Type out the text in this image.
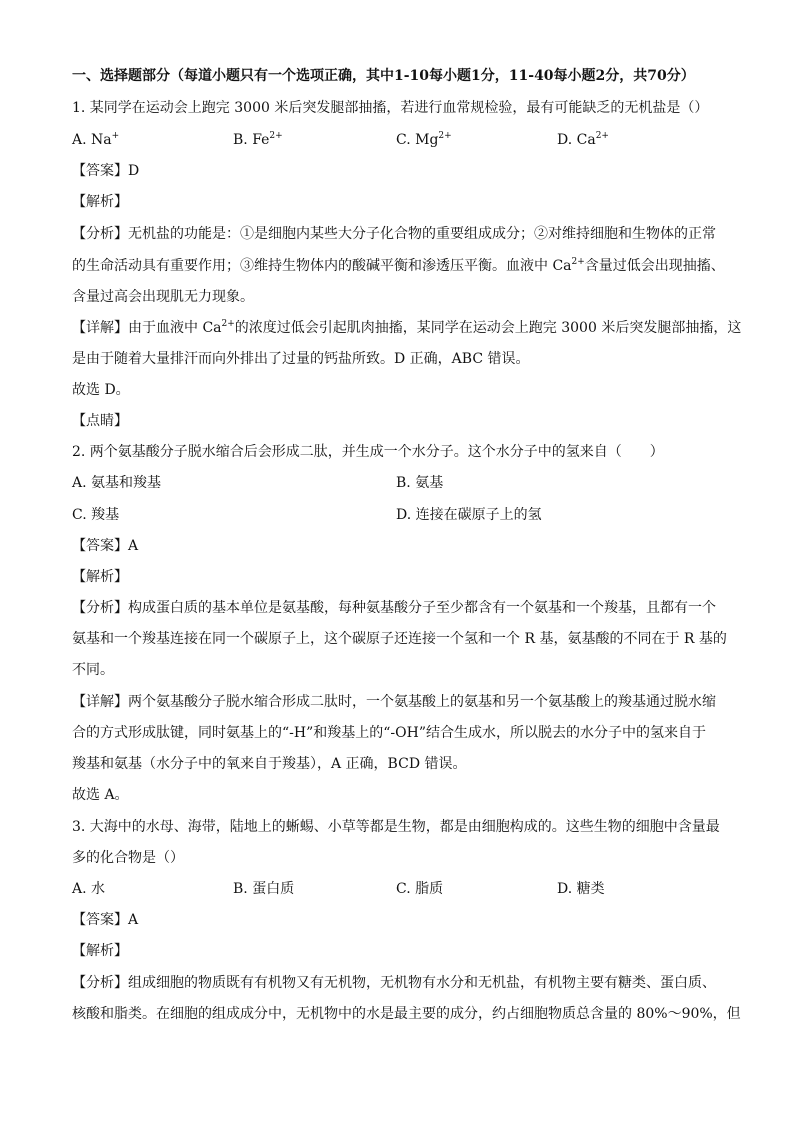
一、选择题部分（每道小题只有一个选项正确，其中1-10每小题1分，11-40每小题2分，共70分）
1. 某同学在运动会上跑完 3000 米后突发腿部抽搐，若进行血常规检验，最有可能缺乏的无机盐是（）
A. Na+	B. $Fe^{2+}$	C. $Mg^{2+}$	D. $Ca^{2+}$
【答案】D
【解析】
【分析】无机盐的功能是：①是细胞内某些大分子化合物的重要组成成分；②对维持细胞和生物体的正常
的生命活动具有重要作用；③维持生物体内的酸碱平衡和渗透压平衡。血液中 $Ca^{2+}$含量过低会出现抽搐、
含量过高会出现肌无力现象。
【详解】由于血液中 $Ca^{2+}$的浓度过低会引起肌肉抽搐，某同学在运动会上跑完 3000 米后突发腿部抽搐，这
是由于随着大量排汗而向外排出了过量的钙盐所致。D 正确，ABC 错误。
故选 D。
【点睛】
2. 两个氨基酸分子脱水缩合后会形成二肽，并生成一个水分子。这个水分子中的氢来自（　　）
A. 氨基和羧基	B. 氨基
C. 羧基	D. 连接在碳原子上的氢
【答案】A
【解析】
【分析】构成蛋白质的基本单位是氨基酸，每种氨基酸分子至少都含有一个氨基和一个羧基，且都有一个
氨基和一个羧基连接在同一个碳原子上，这个碳原子还连接一个氢和一个 R 基，氨基酸的不同在于 R 基的
不同。
【详解】两个氨基酸分子脱水缩合形成二肽时，一个氨基酸上的氨基和另一个氨基酸上的羧基通过脱水缩
合的方式形成肽键，同时氨基上的“-H”和羧基上的“-OH”结合生成水，所以脱去的水分子中的氢来自于
羧基和氨基（水分子中的氧来自于羧基），A 正确，BCD 错误。
故选 A。
3. 大海中的水母、海带，陆地上的蜥蜴、小草等都是生物，都是由细胞构成的。这些生物的细胞中含量最
多的化合物是（）
A. 水	B. 蛋白质	C. 脂质	D. 糖类
【答案】A
【解析】
【分析】组成细胞的物质既有有机物又有无机物，无机物有水分和无机盐，有机物主要有糖类、蛋白质、
核酸和脂类。在细胞的组成成分中，无机物中的水是最主要的成分，约占细胞物质总含量的 80%～90%，但
